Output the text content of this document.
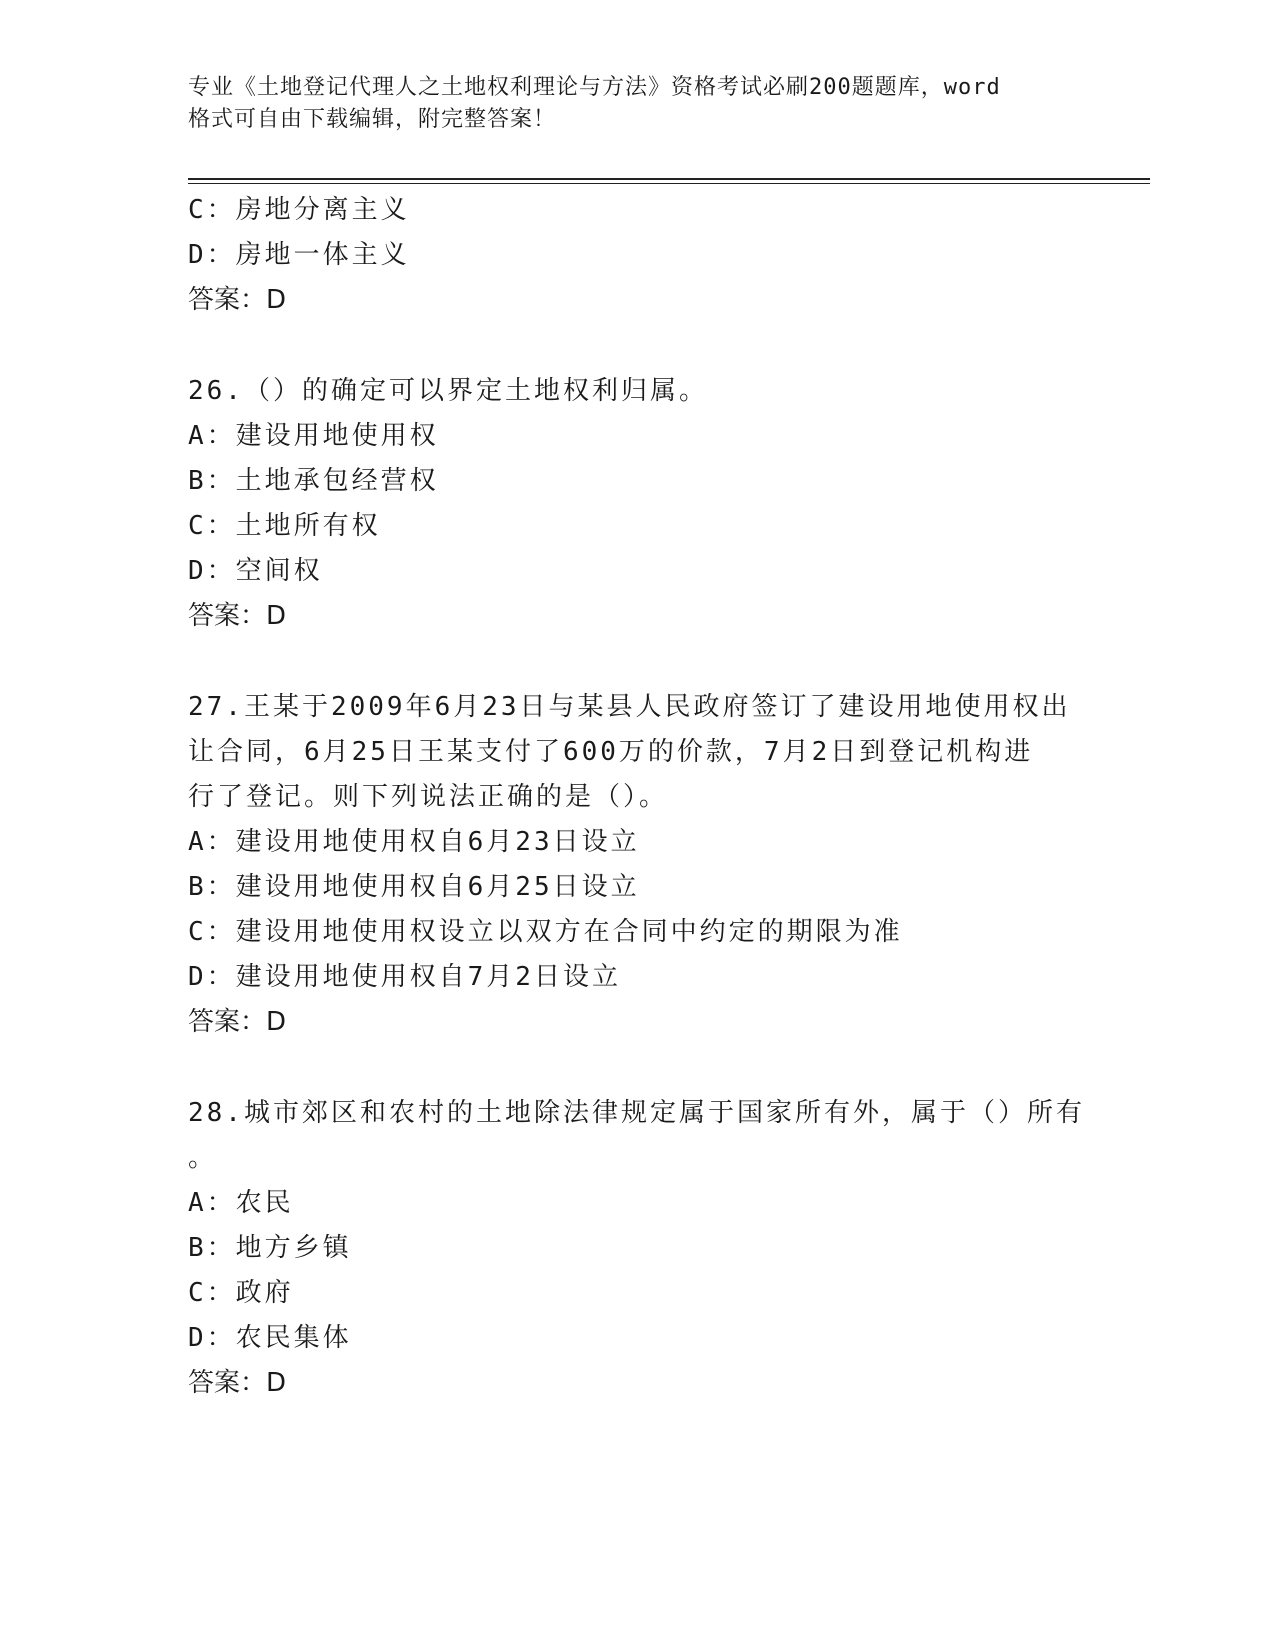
专业《土地登记代理人之土地权利理论与方法》资格考试必刷200题题库，word
格式可自由下载编辑，附完整答案！
C：房地分离主义
D：房地一体主义
答案：D
26.（）的确定可以界定土地权利归属。
A：建设用地使用权
B：土地承包经营权
C：土地所有权
D：空间权
答案：D
27.王某于2009年6月23日与某县人民政府签订了建设用地使用权出
让合同，6月25日王某支付了600万的价款，7月2日到登记机构进
行了登记。则下列说法正确的是（）。
A：建设用地使用权自6月23日设立
B：建设用地使用权自6月25日设立
C：建设用地使用权设立以双方在合同中约定的期限为准
D：建设用地使用权自7月2日设立
答案：D
28.城市郊区和农村的土地除法律规定属于国家所有外，属于（）所有
。
A：农民
B：地方乡镇
C：政府
D：农民集体
答案：D
